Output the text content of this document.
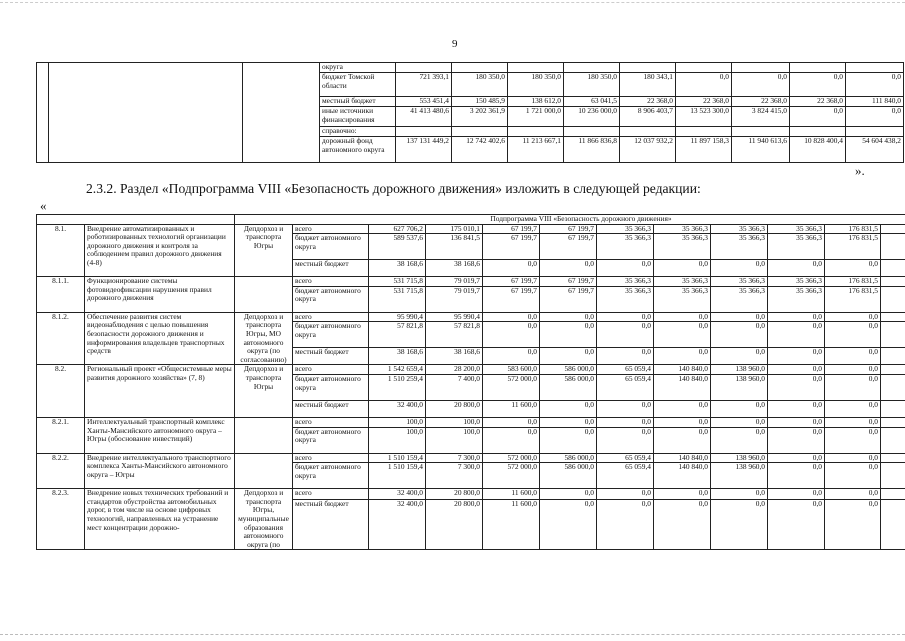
9
			округа									
			бюджет Томской области	721 393,1	180 350,0	180 350,0	180 350,0	180 343,1	0,0	0,0	0,0	0,0
			местный бюджет	553 451,4	150 485,9	138 612,0	63 041,5	22 368,0	22 368,0	22 368,0	22 368,0	111 840,0
			иные источники финансирования	41 413 480,6	3 202 361,9	1 721 000,0	10 236 000,0	8 906 403,7	13 523 300,0	3 824 415,0	0,0	0,0
			справочно:									
			дорожный фонд автономного округа	137 131 449,2	12 742 402,6	11 213 667,1	11 866 836,8	12 037 932,2	11 897 158,3	11 940 613,6	10 828 400,4	54 604 438,2
».
2.3.2. Раздел «Подпрограмма VIII «Безопасность дорожного движения» изложить в следующей редакции:
«
		Подпрограмма VIII «Безопасность дорожного движения»											
8.1.	Внедрение автоматизированных и роботизированных технологий организации дорожного движения и контроля за соблюдением правил дорожного движения (4-8)	Депдорхоз и транспорта Югры	всего	627 706,2	175 010,1	67 199,7	67 199,7	35 366,3	35 366,3	35 366,3	35 366,3	176 831,5	
			бюджет автономного округа	589 537,6	136 841,5	67 199,7	67 199,7	35 366,3	35 366,3	35 366,3	35 366,3	176 831,5	
			местный бюджет	38 168,6	38 168,6	0,0	0,0	0,0	0,0	0,0	0,0	0,0	
8.1.1.	Функционирование системы фотовидеофиксации нарушения правил дорожного движения		всего	531 715,8	79 019,7	67 199,7	67 199,7	35 366,3	35 366,3	35 366,3	35 366,3	176 831,5	
			бюджет автономного округа	531 715,8	79 019,7	67 199,7	67 199,7	35 366,3	35 366,3	35 366,3	35 366,3	176 831,5	
8.1.2.	Обеспечение развития систем видеонаблюдения с целью повышения безопасности дорожного движения и информирования владельцев транспортных средств	Депдорхоз и транспорта Югры, МО автономного округа (по согласованию)	всего	95 990,4	95 990,4	0,0	0,0	0,0	0,0	0,0	0,0	0,0	
			бюджет автономного округа	57 821,8	57 821,8	0,0	0,0	0,0	0,0	0,0	0,0	0,0	
			местный бюджет	38 168,6	38 168,6	0,0	0,0	0,0	0,0	0,0	0,0	0,0	
8.2.	Региональный проект «Общесистемные меры развития дорожного хозяйства» (7, 8)	Депдорхоз и транспорта Югры	всего	1 542 659,4	28 200,0	583 600,0	586 000,0	65 059,4	140 840,0	138 960,0	0,0	0,0	
			бюджет автономного округа	1 510 259,4	7 400,0	572 000,0	586 000,0	65 059,4	140 840,0	138 960,0	0,0	0,0	
			местный бюджет	32 400,0	20 800,0	11 600,0	0,0	0,0	0,0	0,0	0,0	0,0	
8.2.1.	Интеллектуальный транспортный комплекс Ханты-Мансийского автономного округа – Югры (обоснование инвестиций)		всего	100,0	100,0	0,0	0,0	0,0	0,0	0,0	0,0	0,0	
			бюджет автономного округа	100,0	100,0	0,0	0,0	0,0	0,0	0,0	0,0	0,0	
8.2.2.	Внедрение интеллектуального транспортного комплекса Ханты-Мансийского автономного округа – Югры		всего	1 510 159,4	7 300,0	572 000,0	586 000,0	65 059,4	140 840,0	138 960,0	0,0	0,0	
			бюджет автономного округа	1 510 159,4	7 300,0	572 000,0	586 000,0	65 059,4	140 840,0	138 960,0	0,0	0,0	
8.2.3.	Внедрение новых технических требований и стандартов обустройства автомобильных дорог, в том числе на основе цифровых технологий, направленных на устранение мест концентрации дорожно-	Депдорхоз и транспорта Югры, муниципальные образования автономного округа (по	всего	32 400,0	20 800,0	11 600,0	0,0	0,0	0,0	0,0	0,0	0,0	
			местный бюджет	32 400,0	20 800,0	11 600,0	0,0	0,0	0,0	0,0	0,0	0,0	
